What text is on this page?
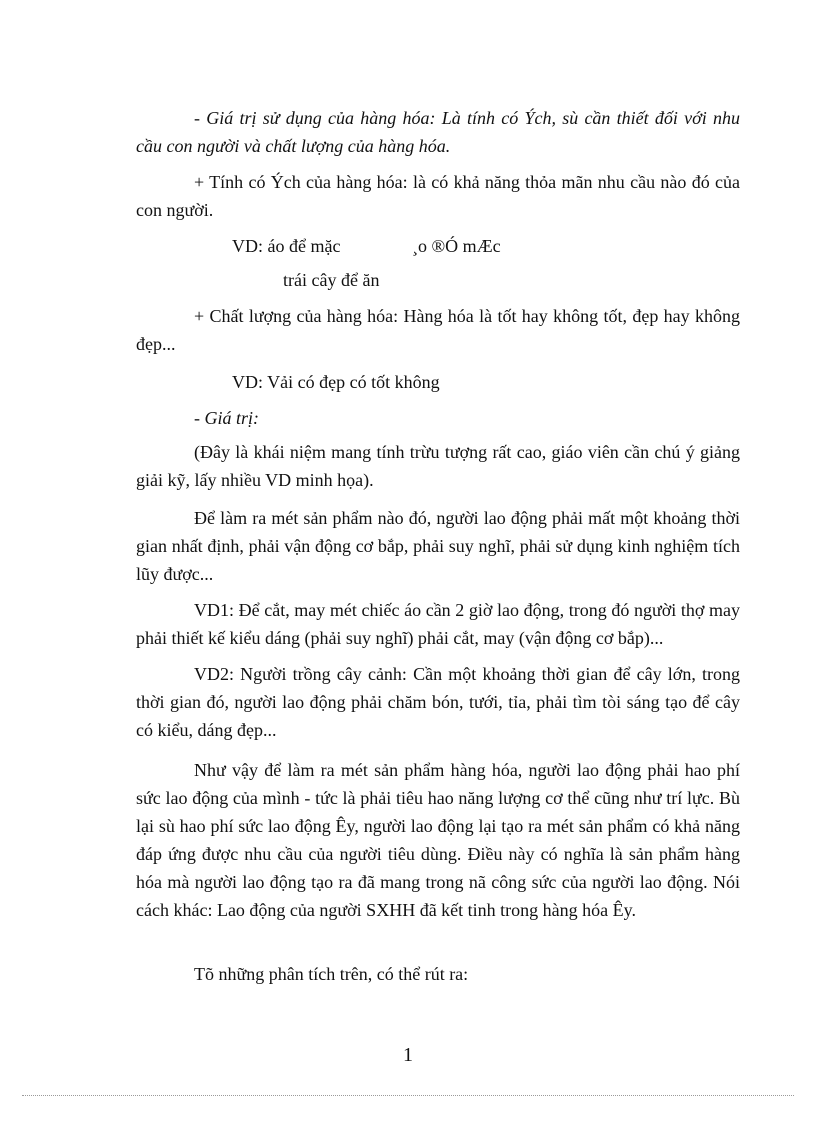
- Giá trị sử dụng của hàng hóa: Là tính có Ých, sù cần thiết đối với nhu cầu con người và chất lượng của hàng hóa.

+ Tính có Ých của hàng hóa: là có khả năng thỏa mãn nhu cầu nào đó của con người.

VD: áo để mặc	¸o ®Ó mÆc
trái cây để ăn

+ Chất lượng của hàng hóa: Hàng hóa là tốt hay không tốt, đẹp hay không đẹp...

VD: Vải có đẹp có tốt không
- Giá trị:

(Đây là khái niệm mang tính trừu tượng rất cao, giáo viên cần chú ý giảng giải kỹ, lấy nhiều VD minh họa).

Để làm ra mét sản phẩm nào đó, người lao động phải mất một khoảng thời gian nhất định, phải vận động cơ bắp, phải suy nghĩ, phải sử dụng kinh nghiệm tích lũy được...

VD1: Để cắt, may mét chiếc áo cần 2 giờ lao động, trong đó người thợ may phải thiết kế kiểu dáng (phải suy nghĩ) phải cắt, may (vận động cơ bắp)...

VD2: Người trồng cây cảnh: Cần một khoảng thời gian để cây lớn, trong thời gian đó, người lao động phải chăm bón, tưới, tỉa, phải tìm tòi sáng tạo để cây có kiểu, dáng đẹp...

Như vậy để làm ra mét sản phẩm hàng hóa, người lao động phải hao phí sức lao động của mình - tức là phải tiêu hao năng lượng cơ thể cũng như trí lực. Bù lại sù hao phí sức lao động Êy, người lao động lại tạo ra mét sản phẩm có khả năng đáp ứng được nhu cầu của người tiêu dùng. Điều này có nghĩa là sản phẩm hàng hóa mà người lao động tạo ra đã mang trong nã công sức của người lao động. Nói cách khác: Lao động của người SXHH đã kết tinh trong hàng hóa Êy.

Tõ những phân tích trên, có thể rút ra:

1
